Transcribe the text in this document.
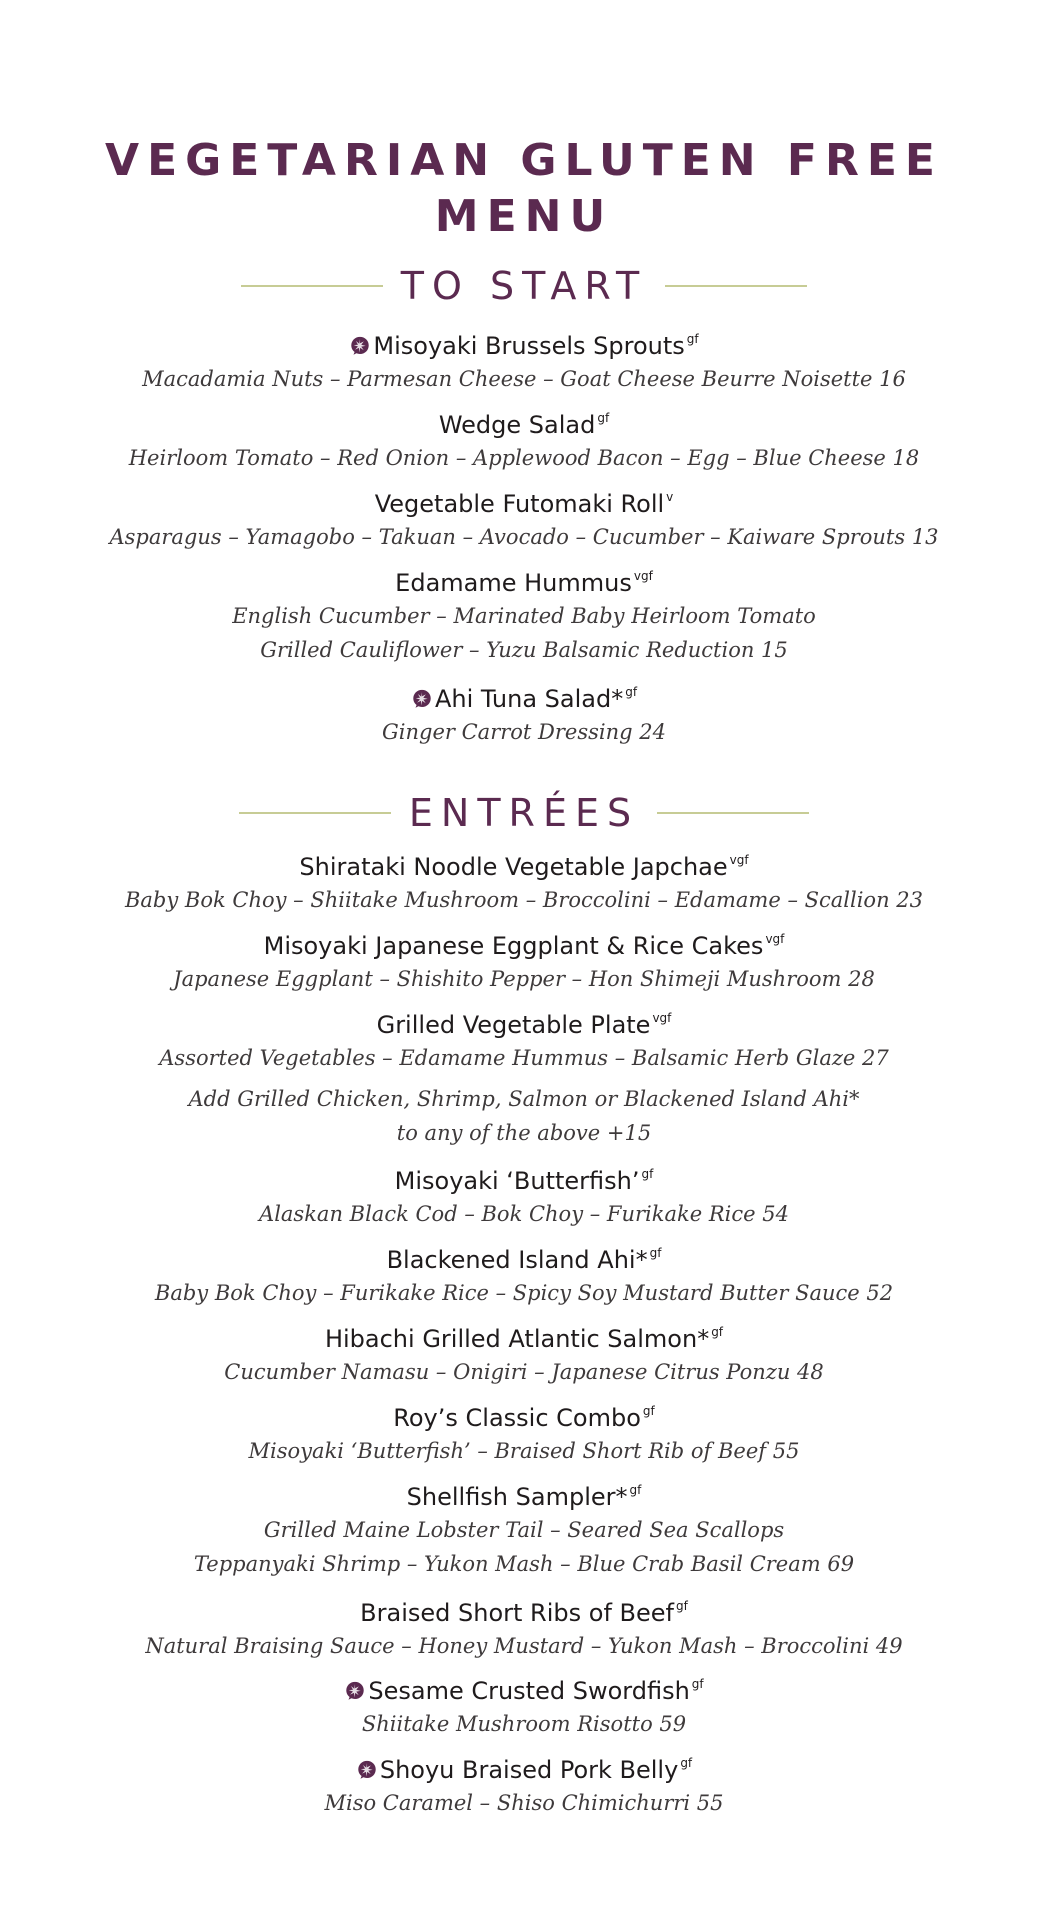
VEGETARIAN GLUTEN FREE
MENU
TO START
Misoyaki Brussels Sprouts $^{gf}$
Macadamia Nuts – Parmesan Cheese – Goat Cheese Beurre Noisette 16
Wedge Salad $^{gf}$
Heirloom Tomato – Red Onion – Applewood Bacon – Egg – Blue Cheese 18
Vegetable Futomaki Roll $^v$
Asparagus – Yamagobo – Takuan – Avocado – Cucumber – Kaiware Sprouts 13
Edamame Hummus $^{vgf}$
English Cucumber – Marinated Baby Heirloom Tomato
Grilled Cauliflower – Yuzu Balsamic Reduction 15
Ahi Tuna Salad* $^{gf}$
Ginger Carrot Dressing 24
ENTRÉES
Shirataki Noodle Vegetable Japchae $^{vgf}$
Baby Bok Choy – Shiitake Mushroom – Broccolini – Edamame – Scallion 23
Misoyaki Japanese Eggplant & Rice Cakes $^{vgf}$
Japanese Eggplant – Shishito Pepper – Hon Shimeji Mushroom 28
Grilled Vegetable Plate $^{vgf}$
Assorted Vegetables – Edamame Hummus – Balsamic Herb Glaze 27
Add Grilled Chicken, Shrimp, Salmon or Blackened Island Ahi*
to any of the above +15
Misoyaki ‘Butterfish’ $^{gf}$
Alaskan Black Cod – Bok Choy – Furikake Rice 54
Blackened Island Ahi* $^{gf}$
Baby Bok Choy – Furikake Rice – Spicy Soy Mustard Butter Sauce 52
Hibachi Grilled Atlantic Salmon* $^{gf}$
Cucumber Namasu – Onigiri – Japanese Citrus Ponzu 48
Roy’s Classic Combo $^{gf}$
Misoyaki ‘Butterfish’ – Braised Short Rib of Beef 55
Shellfish Sampler* $^{gf}$
Grilled Maine Lobster Tail – Seared Sea Scallops
Teppanyaki Shrimp – Yukon Mash – Blue Crab Basil Cream 69
Braised Short Ribs of Beef $^{gf}$
Natural Braising Sauce – Honey Mustard – Yukon Mash – Broccolini 49
Sesame Crusted Swordfish $^{gf}$
Shiitake Mushroom Risotto 59
Shoyu Braised Pork Belly $^{gf}$
Miso Caramel – Shiso Chimichurri 55
